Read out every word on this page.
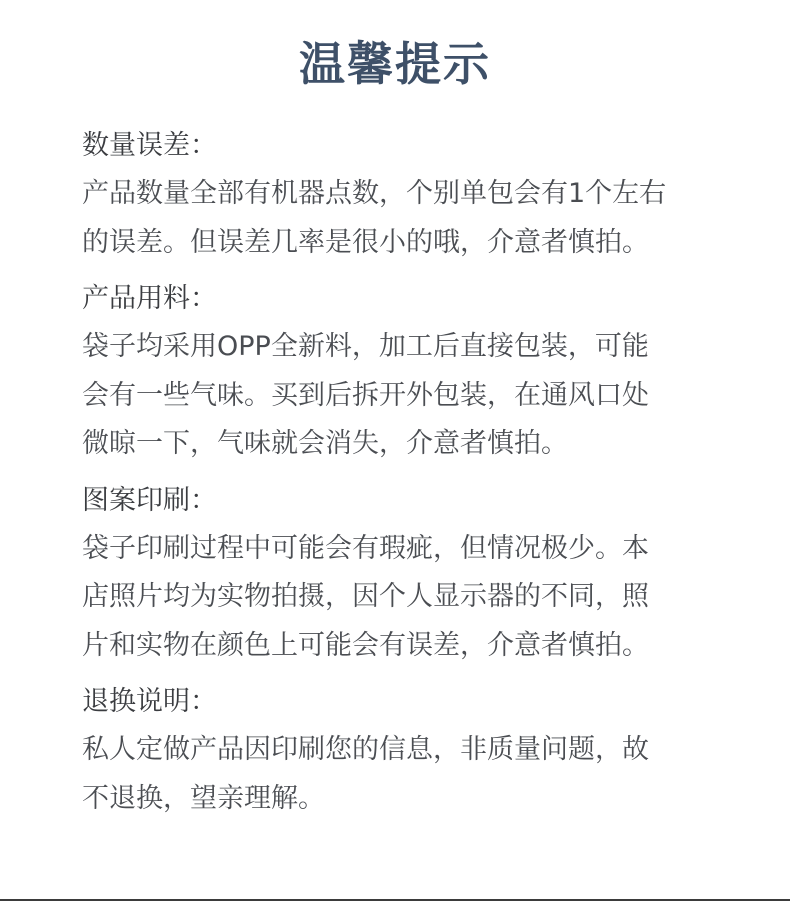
温馨提示
数量误差：
产品数量全部有机器点数，个别单包会有1个左右
的误差。但误差几率是很小的哦，介意者慎拍。
产品用料：
袋子均采用OPP全新料，加工后直接包装，可能
会有一些气味。买到后拆开外包装，在通风口处
微晾一下，气味就会消失，介意者慎拍。
图案印刷：
袋子印刷过程中可能会有瑕疵，但情况极少。本
店照片均为实物拍摄，因个人显示器的不同，照
片和实物在颜色上可能会有误差，介意者慎拍。
退换说明：
私人定做产品因印刷您的信息，非质量问题，故
不退换，望亲理解。
